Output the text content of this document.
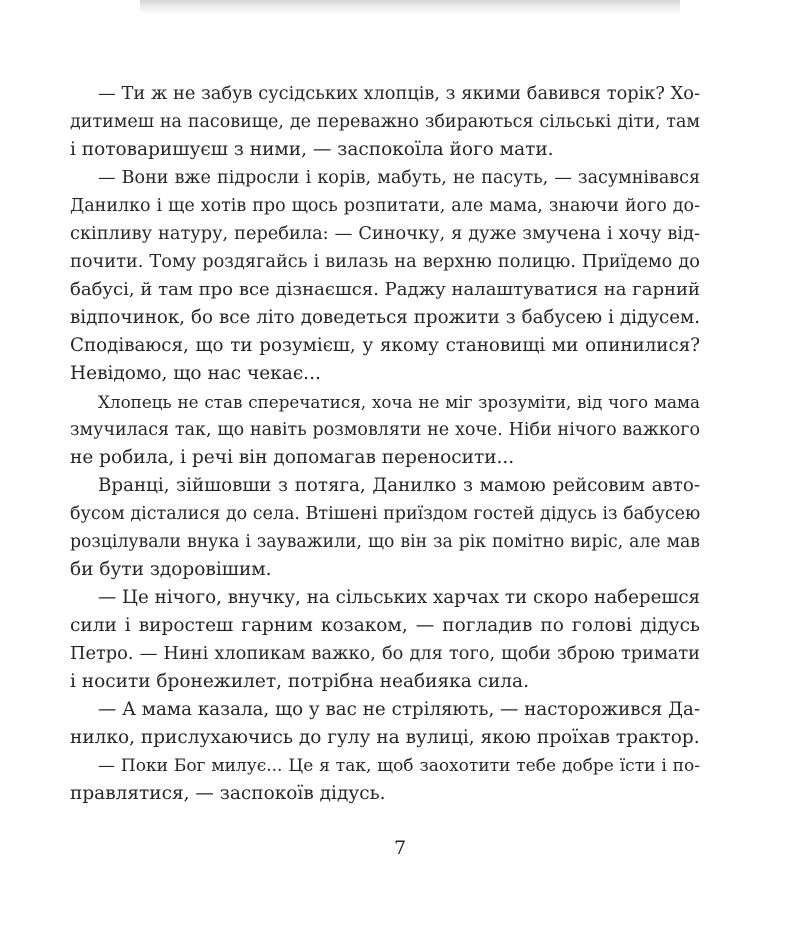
— Ти ж не забув сусідських хлопців, з якими бавився торік? Хо-
дитимеш на пасовище, де переважно збираються сільські діти, там
і потоваришуєш з ними, — заспокоїла його мати.

— Вони вже підросли і корів, мабуть, не пасуть, — засумнівався
Данилко і ще хотів про щось розпитати, але мама, знаючи його до-
скіпливу натуру, перебила: — Синочку, я дуже змучена і хочу від-
почити. Тому роздягайсь і вилазь на верхню полицю. Приїдемо до
бабусі, й там про все дізнаєшся. Раджу налаштуватися на гарний
відпочинок, бо все літо доведеться прожити з бабусею і дідусем.
Сподіваюся, що ти розумієш, у якому становищі ми опинилися?
Невідомо, що нас чекає...

Хлопець не став сперечатися, хоча не міг зрозуміти, від чого мама
змучилася так, що навіть розмовляти не хоче. Ніби нічого важкого
не робила, і речі він допомагав переносити...

Вранці, зійшовши з потяга, Данилко з мамою рейсовим авто-
бусом дісталися до села. Втішені приїздом гостей дідусь із бабусею
розцілували внука і зауважили, що він за рік помітно виріс, але мав
би бути здоровішим.

— Це нічого, внучку, на сільських харчах ти скоро наберешся
сили і виростеш гарним козаком, — погладив по голові дідусь
Петро. — Нині хлопикам важко, бо для того, щоби зброю тримати
і носити бронежилет, потрібна неабияка сила.

— А мама казала, що у вас не стріляють, — насторожився Да-
нилко, прислухаючись до гулу на вулиці, якою проїхав трактор.

— Поки Бог милує... Це я так, щоб заохотити тебе добре їсти і по-
правлятися, — заспокоїв дідусь.

7
